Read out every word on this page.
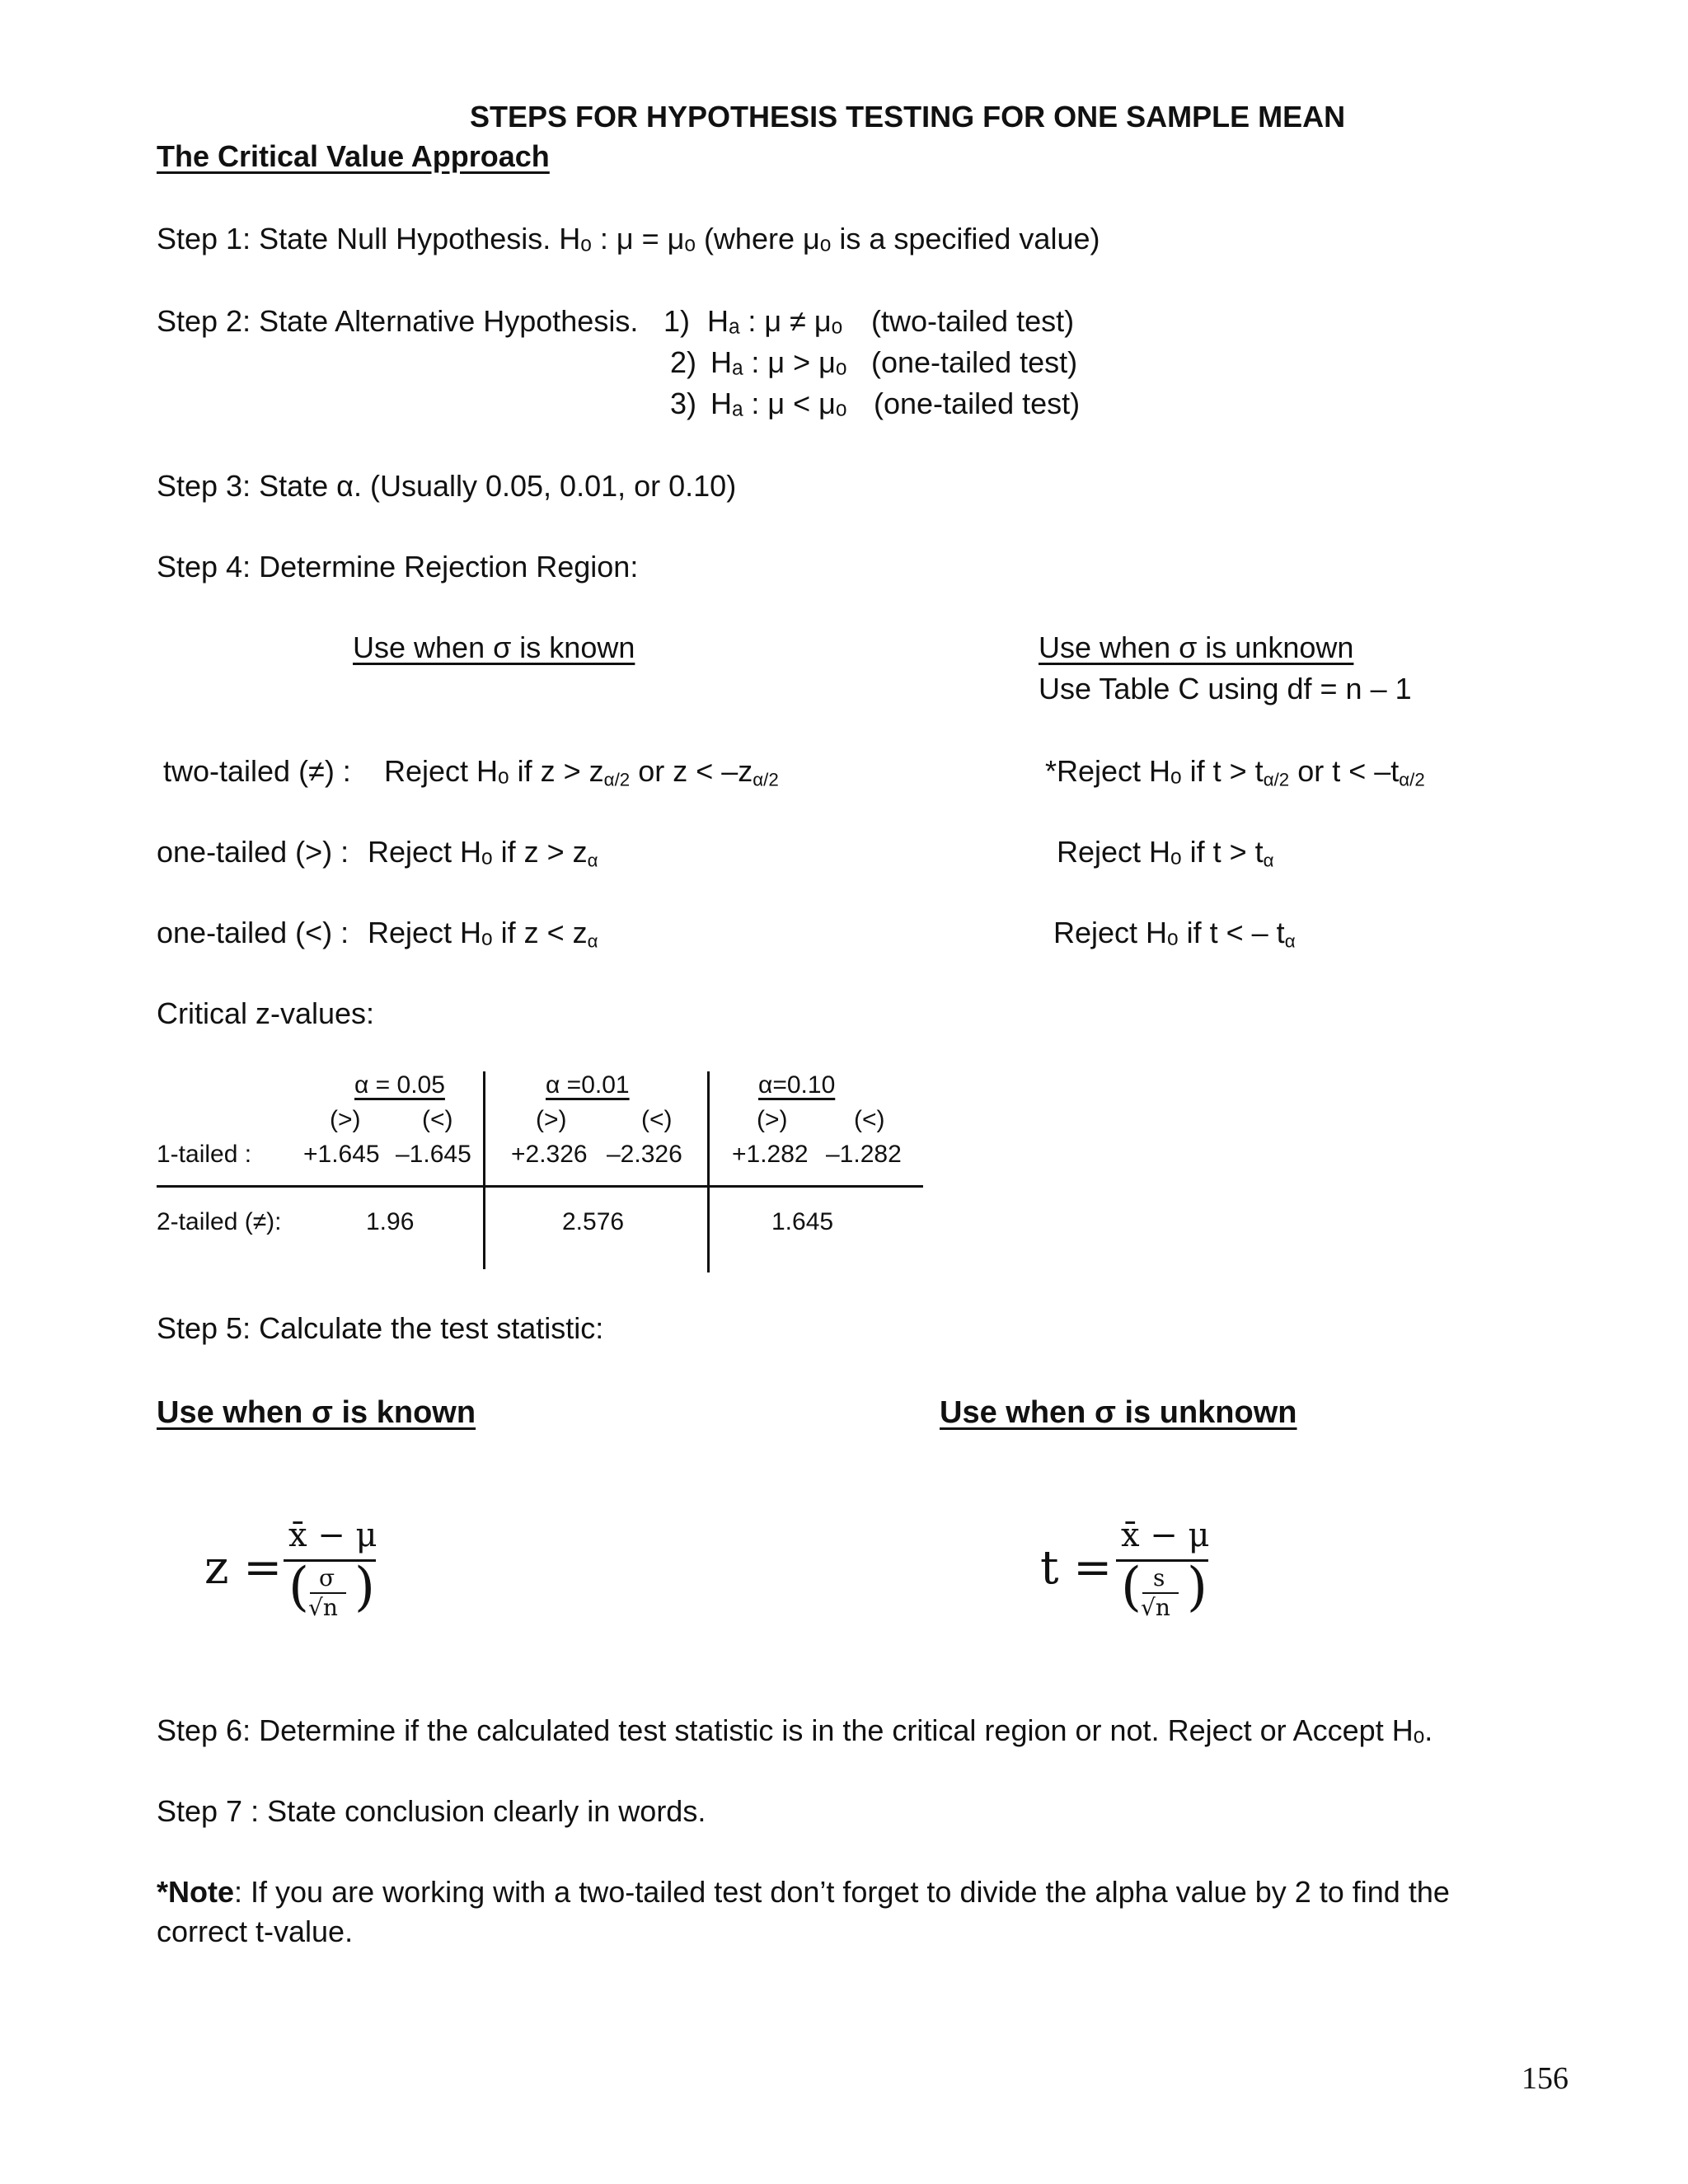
STEPS FOR HYPOTHESIS TESTING FOR ONE SAMPLE MEAN
The Critical Value Approach
Step 1: State Null Hypothesis. Hₒ : μ = μₒ (where μₒ is a specified value)
Step 2: State Alternative Hypothesis. 1) Hₐ : μ ≠ μₒ (two-tailed test)
2) Hₐ : μ > μₒ (one-tailed test)
3) Hₐ : μ < μₒ (one-tailed test)
Step 3: State α. (Usually 0.05, 0.01, or 0.10)
Step 4: Determine Rejection Region:
Use when σ is known	Use when σ is unknown
Use Table C using df = n – 1
two-tailed (≠) : Reject Hₒ if $z > z_{\alpha/2}$ or $z < -z_{\alpha/2}$	*Reject Hₒ if $t > t_{\alpha/2}$ or $t < -t_{\alpha/2}$
one-tailed (>) : Reject Hₒ if $z > z_\alpha$	Reject Hₒ if $t > t_\alpha$
one-tailed (<) : Reject Hₒ if $z < z_\alpha$	Reject Hₒ if t < – $t_\alpha$
Critical z-values:
α = 0.05	α =0.01	α=0.10
(>) (<)	(>)	(<)	(>)	(<)
1-tailed : +1.645 –1.645 +2.326 –2.326 +1.282 –1.282
2-tailed (≠):	1.96	2.576	1.645
Step 5: Calculate the test statistic:
Use when σ is known	Use when σ is unknown
z =
x̄ − μ
( )
σ
√n
t =
x̄ − μ
( )
s
√n
Step 6: Determine if the calculated test statistic is in the critical region or not. Reject or Accept Hₒ.
Step 7 : State conclusion clearly in words.
*Note: If you are working with a two-tailed test don’t forget to divide the alpha value by 2 to find the
correct t-value.
156
